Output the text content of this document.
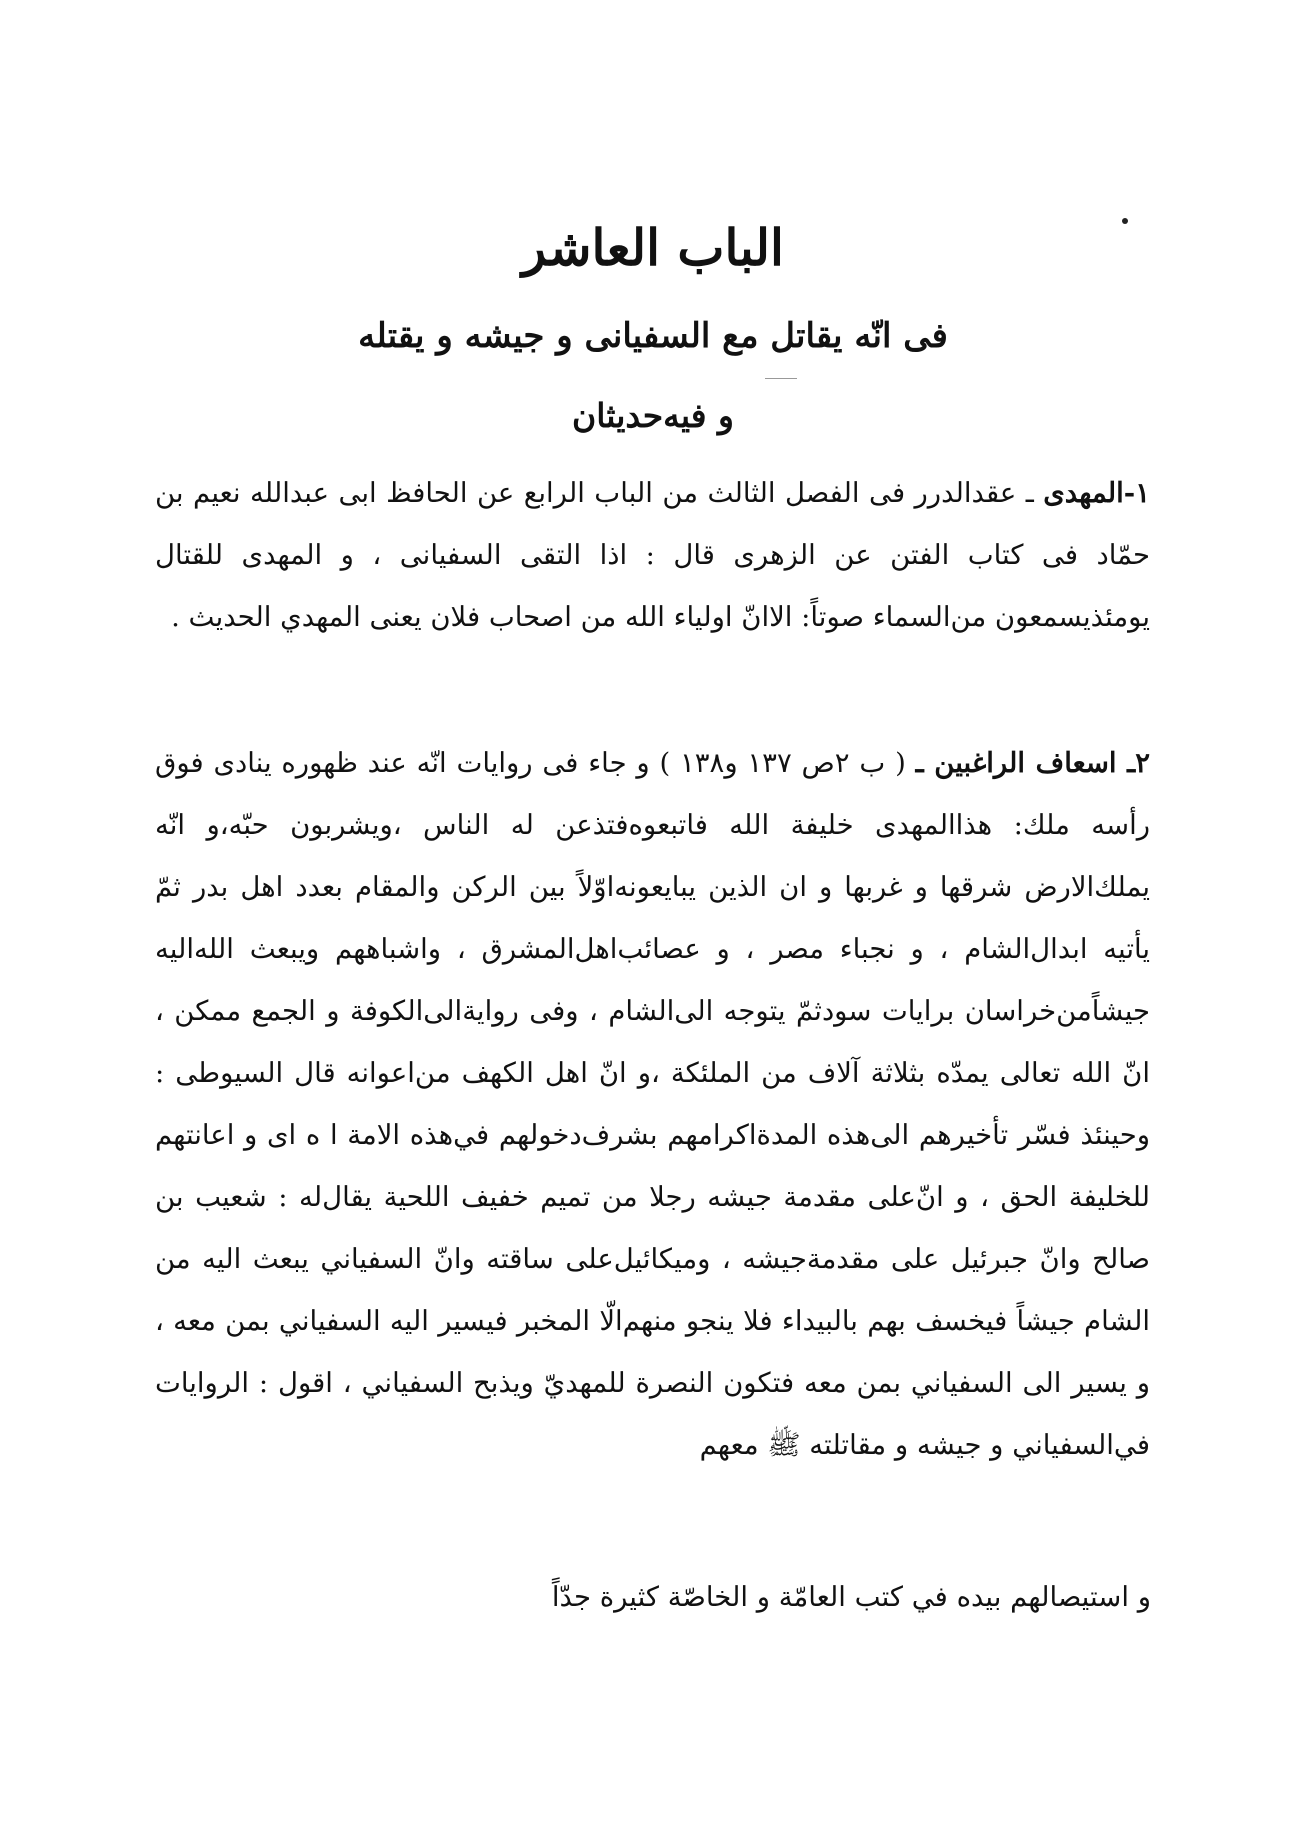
الباب العاشر
فى انّه يقاتل مع السفيانى و جيشه و يقتله
و فيه‌حديثان

١-المهدى ـ عقدالدرر فى الفصل الثالث من الباب الرابع عن الحافظ ابى عبدالله نعيم بن حمّاد فى كتاب الفتن عن الزهرى قال : اذا التقى السفيانى ، و المهدى للقتال يومئذيسمعون من‌السماء صوتاً: الاانّ اولياء الله من اصحاب فلان يعنى المهدي الحديث .

٢ـ اسعاف الراغبين ـ ( ب ٢ص ١٣٧ و١٣٨ ) و جاء فى روايات انّه عند ظهوره ينادى فوق رأسه ملك: هذاالمهدى خليفة الله فاتبعوه‌فتذعن له الناس ،ويشربون حبّه،و انّه يملك‌الارض شرقها و غربها و ان الذين يبايعونه‌اوّلاً بين الركن والمقام بعدد اهل بدر ثمّ يأتيه ابدال‌الشام ، و نجباء مصر ، و عصائب‌اهل‌المشرق ، واشباههم ويبعث الله‌اليه جيشاًمن‌خراسان برايات سودثمّ يتوجه الى‌الشام ، وفى روايةالى‌الكوفة و الجمع ممكن ، انّ الله تعالى يمدّه بثلاثة آلاف من الملئكة ،و انّ اهل الكهف من‌اعوانه قال السيوطى : وحينئذ فسّر تأخيرهم الى‌هذه المدةاكرامهم بشرف‌دخولهم في‌هذه الامة ا ه اى و اعانتهم للخليفة الحق ، و انّ‌على مقدمة جيشه رجلا من تميم خفيف اللحية يقال‌له : شعيب بن صالح وانّ جبرئيل على مقدمةجيشه ، وميكائيل‌على ساقته وانّ السفياني يبعث اليه من الشام جيشاً فيخسف بهم بالبيداء فلا ينجو منهم‌الّا المخبر فيسير اليه السفياني بمن معه ، و يسير الى السفياني بمن معه فتكون النصرة للمهديّ ويذبح السفياني ، اقول : الروايات في‌السفياني و جيشه و مقاتلته ﷺ معهم

و استيصالهم بيده في كتب العامّة و الخاصّة كثيرة جدّاً
